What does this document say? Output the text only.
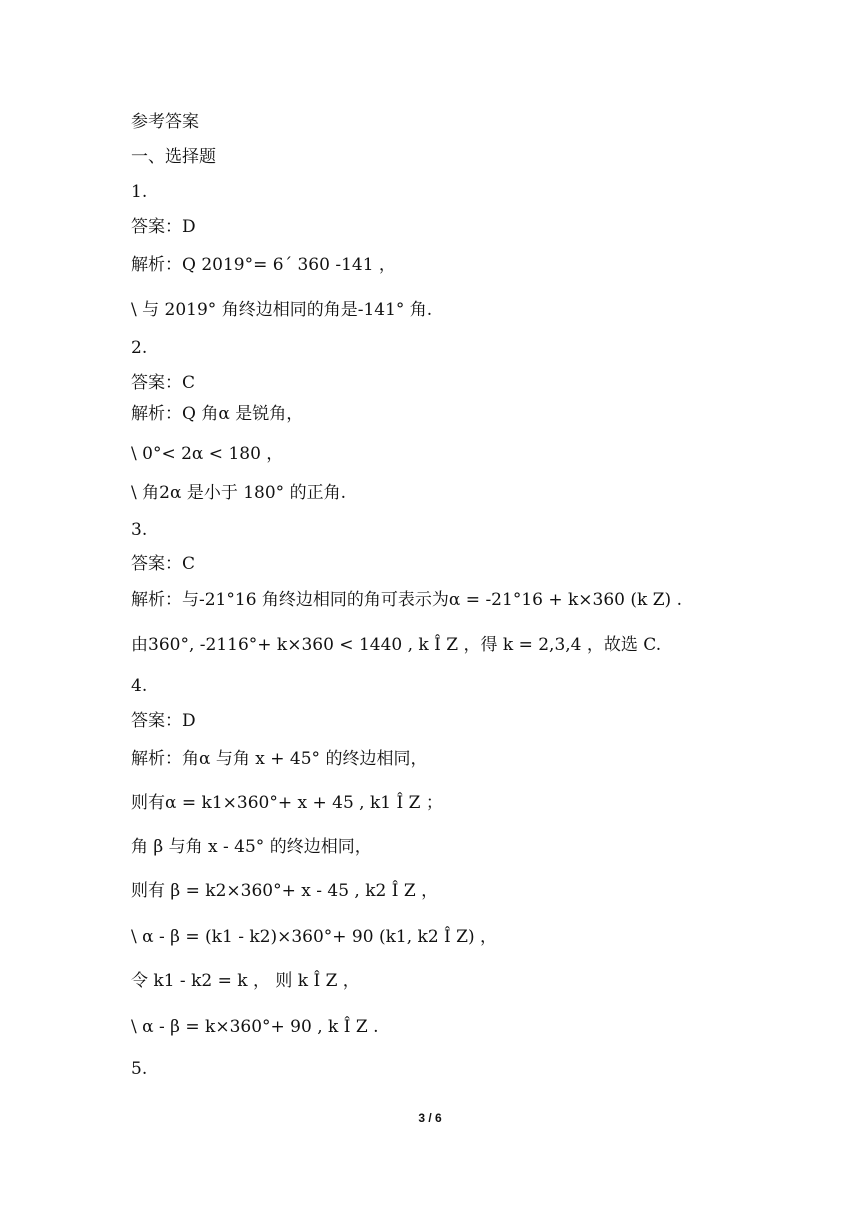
参考答案
一、选择题
1.
答案：D
解析：Q 2019°= 6´ 360 -141 ，
\ 与 2019° 角终边相同的角是-141° 角.
2.
答案：C
解析：Q 角α 是锐角，
\ 0°< 2α < 180 ，
\ 角2α 是小于 180° 的正角.
3.
答案：C
解析：与-21°16 角终边相同的角可表示为α = -21°16 + k×360 (k Z) .
由360°, -2116°+ k×360 < 1440 , k Î Z ，得 k = 2,3,4 ，故选 C.
4.
答案：D
解析：角α 与角 x + 45° 的终边相同，
则有α = k1×360°+ x + 45 , k1 Î Z ；
角 β 与角 x - 45° 的终边相同，
则有 β = k2×360°+ x - 45 , k2 Î Z ，
\ α - β = (k1 - k2)×360°+ 90 (k1, k2 Î Z) ，
令 k1 - k2 = k ， 则 k Î Z ，
\ α - β = k×360°+ 90 , k Î Z .
5.
3 / 6
